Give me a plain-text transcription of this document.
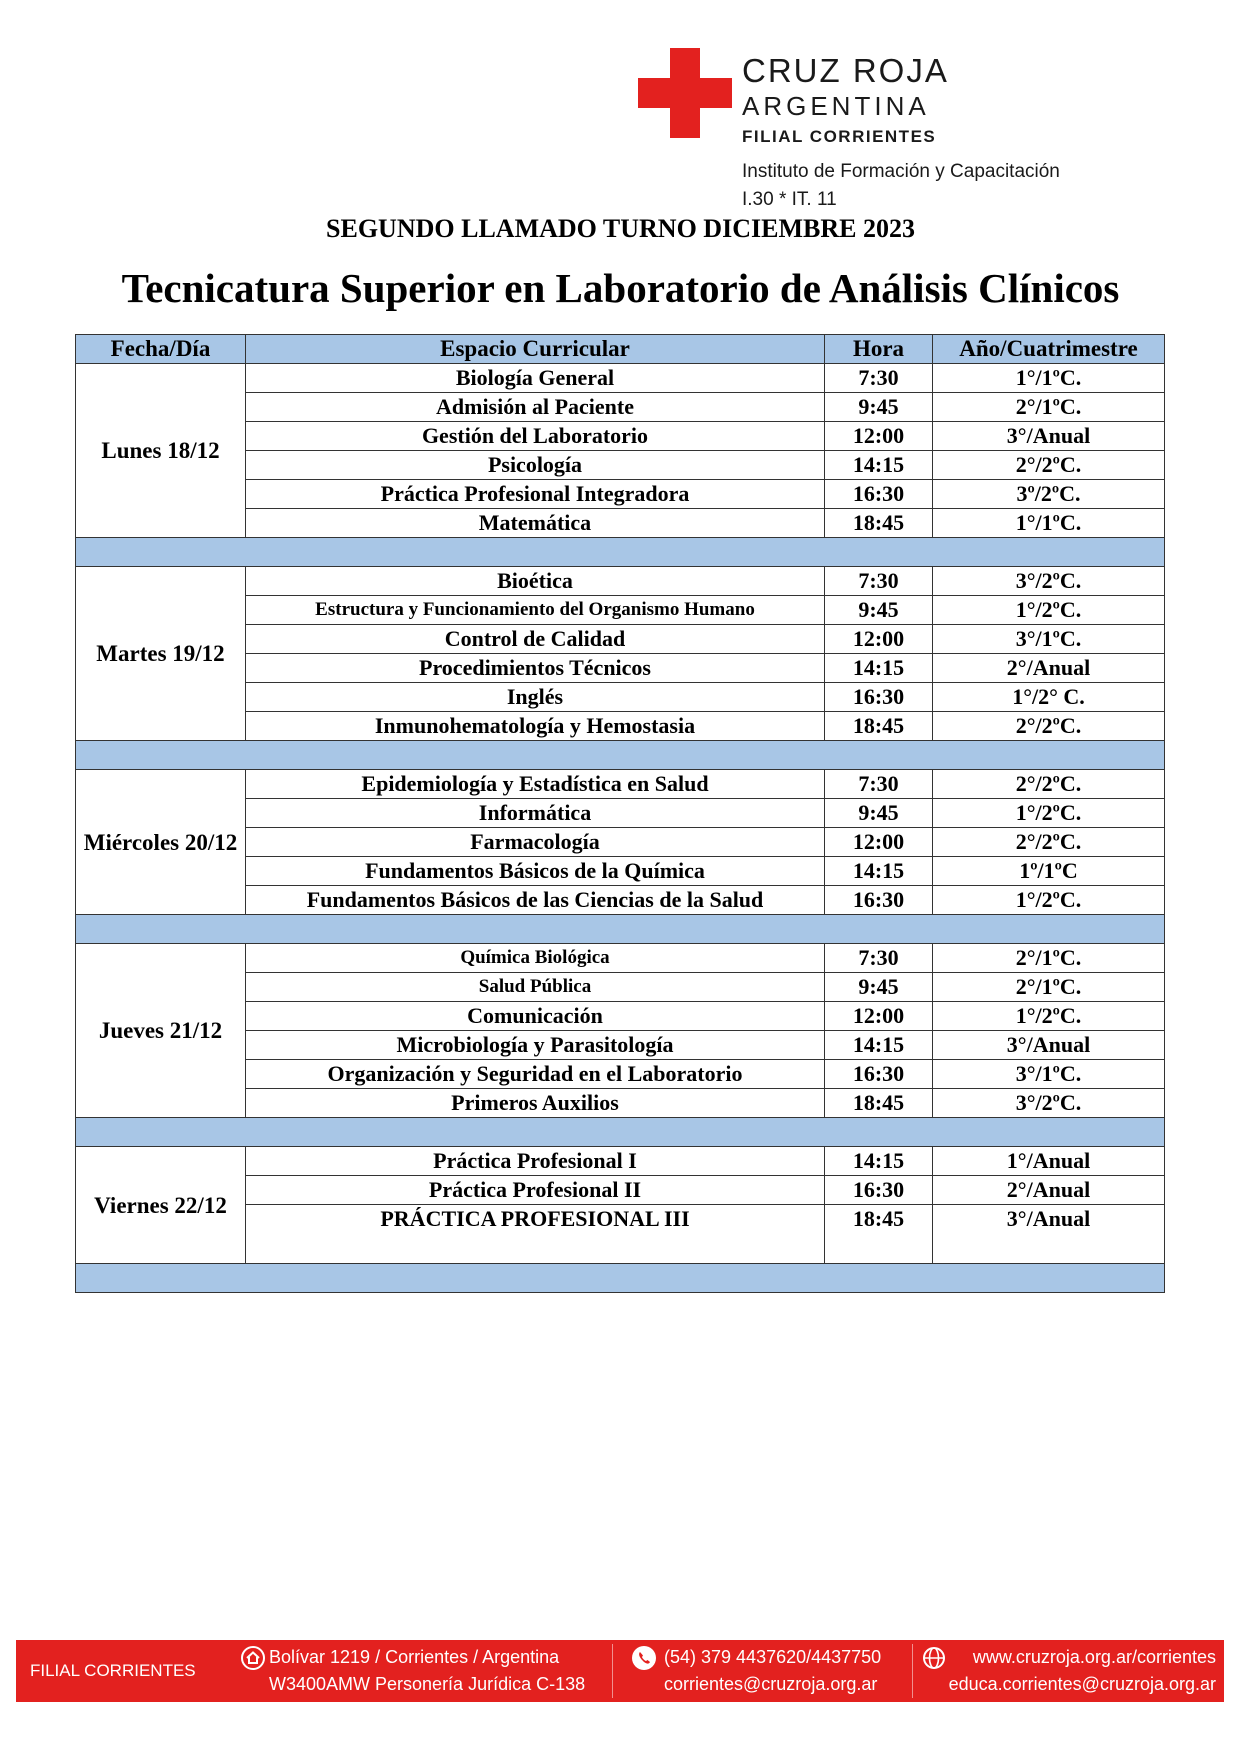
CRUZ ROJA
ARGENTINA
FILIAL CORRIENTES
Instituto de Formación y Capacitación
I.30 * IT. 11
SEGUNDO LLAMADO TURNO DICIEMBRE 2023
Tecnicatura Superior en Laboratorio de Análisis Clínicos
Fecha/Día	Espacio Curricular	Hora	Año/Cuatrimestre
Lunes 18/12	Biología General	7:30	1°/1ºC.
	Admisión al Paciente	9:45	2°/1ºC.
	Gestión del Laboratorio	12:00	3°/Anual
	Psicología	14:15	2°/2ºC.
	Práctica Profesional Integradora	16:30	3º/2ºC.
	Matemática	18:45	1°/1ºC.

Martes 19/12	Bioética	7:30	3°/2ºC.
	Estructura y Funcionamiento del Organismo Humano	9:45	1°/2ºC.
	Control de Calidad	12:00	3°/1ºC.
	Procedimientos Técnicos	14:15	2°/Anual
	Inglés	16:30	1°/2° C.
	Inmunohematología y Hemostasia	18:45	2°/2ºC.

Miércoles 20/12	Epidemiología y Estadística en Salud	7:30	2°/2ºC.
	Informática	9:45	1°/2ºC.
	Farmacología	12:00	2°/2ºC.
	Fundamentos Básicos de la Química	14:15	1º/1ºC
	Fundamentos Básicos de las Ciencias de la Salud	16:30	1°/2ºC.

Jueves 21/12	Química Biológica	7:30	2°/1ºC.
	Salud Pública	9:45	2°/1ºC.
	Comunicación	12:00	1°/2ºC.
	Microbiología y Parasitología	14:15	3°/Anual
	Organización y Seguridad en el Laboratorio	16:30	3°/1ºC.
	Primeros Auxilios	18:45	3°/2ºC.

Viernes 22/12	Práctica Profesional I	14:15	1°/Anual
	Práctica Profesional II	16:30	2°/Anual
	PRÁCTICA PROFESIONAL III	18:45	3°/Anual

FILIAL CORRIENTES
Bolívar 1219 / Corrientes / Argentina
W3400AMW Personería Jurídica C-138
(54) 379 4437620/4437750
corrientes@cruzroja.org.ar
www.cruzroja.org.ar/corrientes
educa.corrientes@cruzroja.org.ar
